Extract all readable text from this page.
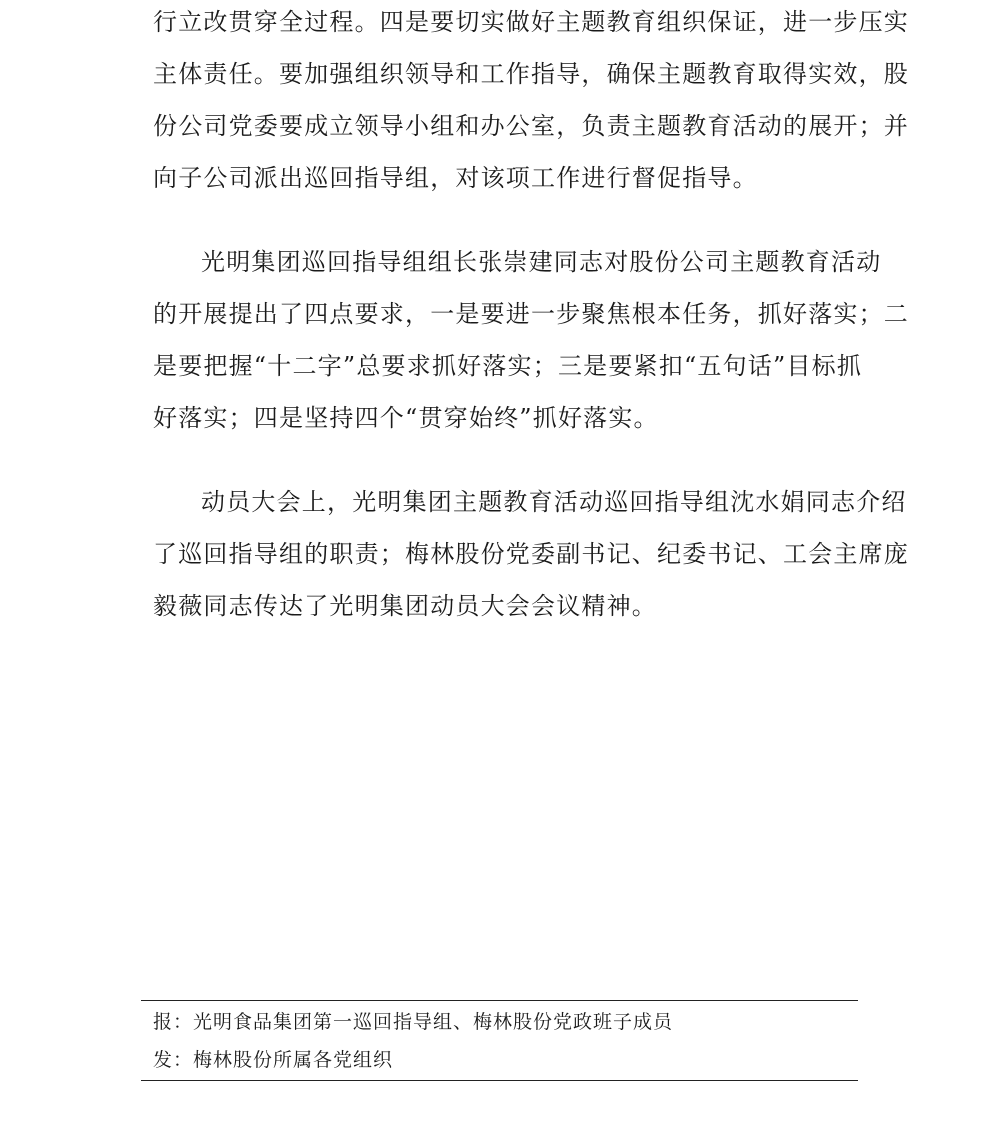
行立改贯穿全过程。四是要切实做好主题教育组织保证，进一步压实
主体责任。要加强组织领导和工作指导，确保主题教育取得实效，股
份公司党委要成立领导小组和办公室，负责主题教育活动的展开；并
向子公司派出巡回指导组，对该项工作进行督促指导。
光明集团巡回指导组组长张崇建同志对股份公司主题教育活动
的开展提出了四点要求，一是要进一步聚焦根本任务，抓好落实；二
是要把握“十二字”总要求抓好落实；三是要紧扣“五句话”目标抓
好落实；四是坚持四个“贯穿始终”抓好落实。
动员大会上，光明集团主题教育活动巡回指导组沈水娟同志介绍
了巡回指导组的职责；梅林股份党委副书记、纪委书记、工会主席庞
毅薇同志传达了光明集团动员大会会议精神。
报：光明食品集团第一巡回指导组、梅林股份党政班子成员
发：梅林股份所属各党组织
